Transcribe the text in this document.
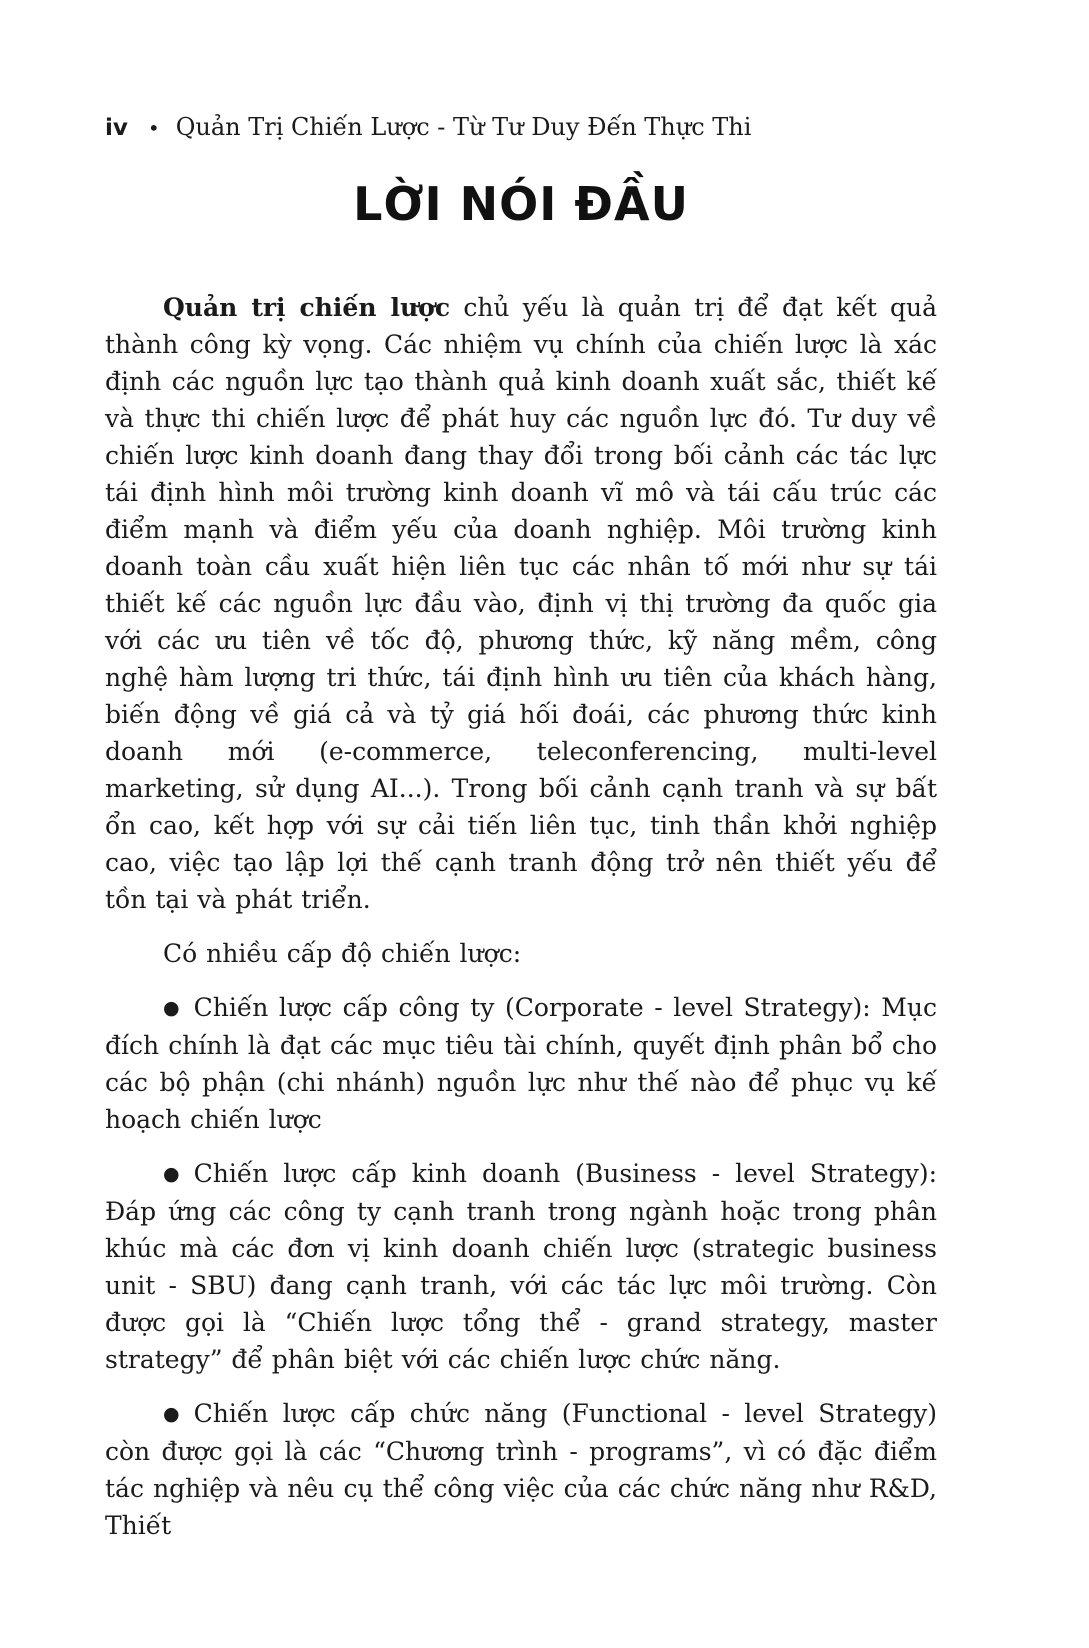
iv • Quản Trị Chiến Lược - Từ Tư Duy Đến Thực Thi
LỜI NÓI ĐẦU

Quản trị chiến lược chủ yếu là quản trị để đạt kết quả thành công kỳ vọng. Các nhiệm vụ chính của chiến lược là xác định các nguồn lực tạo thành quả kinh doanh xuất sắc, thiết kế và thực thi chiến lược để phát huy các nguồn lực đó. Tư duy về chiến lược kinh doanh đang thay đổi trong bối cảnh các tác lực tái định hình môi trường kinh doanh vĩ mô và tái cấu trúc các điểm mạnh và điểm yếu của doanh nghiệp. Môi trường kinh doanh toàn cầu xuất hiện liên tục các nhân tố mới như sự tái thiết kế các nguồn lực đầu vào, định vị thị trường đa quốc gia với các ưu tiên về tốc độ, phương thức, kỹ năng mềm, công nghệ hàm lượng tri thức, tái định hình ưu tiên của khách hàng, biến động về giá cả và tỷ giá hối đoái, các phương thức kinh doanh mới (e-commerce, teleconferencing, multi-level marketing, sử dụng AI...). Trong bối cảnh cạnh tranh và sự bất ổn cao, kết hợp với sự cải tiến liên tục, tinh thần khởi nghiệp cao, việc tạo lập lợi thế cạnh tranh động trở nên thiết yếu để tồn tại và phát triển.

Có nhiều cấp độ chiến lược:

● Chiến lược cấp công ty (Corporate - level Strategy): Mục đích chính là đạt các mục tiêu tài chính, quyết định phân bổ cho các bộ phận (chi nhánh) nguồn lực như thế nào để phục vụ kế hoạch chiến lược

● Chiến lược cấp kinh doanh (Business - level Strategy): Đáp ứng các công ty cạnh tranh trong ngành hoặc trong phân khúc mà các đơn vị kinh doanh chiến lược (strategic business unit - SBU) đang cạnh tranh, với các tác lực môi trường. Còn được gọi là “Chiến lược tổng thể - grand strategy, master strategy” để phân biệt với các chiến lược chức năng.

● Chiến lược cấp chức năng (Functional - level Strategy) còn được gọi là các “Chương trình - programs”, vì có đặc điểm tác nghiệp và nêu cụ thể công việc của các chức năng như R&D, Thiết
